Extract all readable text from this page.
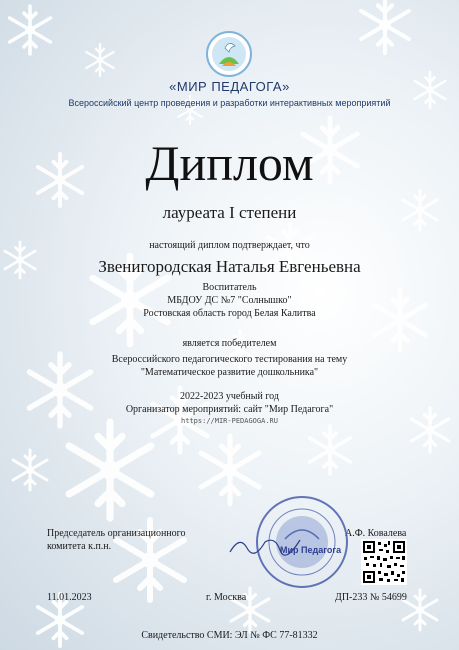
«МИР ПЕДАГОГА»
Всероссийский центр проведения и разработки интерактивных мероприятий
Диплом
лауреата I степени
настоящий диплом подтверждает, что
Звенигородская Наталья Евгеньевна
Воспитатель
МБДОУ ДС №7 "Солнышко"
Ростовская область город Белая Калитва
является победителем
Всероссийского педагогического тестирования на тему
"Математическое развитие дошкольника"
2022-2023 учебный год
Организатор мероприятий: сайт "Мир Педагога"
https://MIR-PEDAGOGA.RU
Председатель организационного
комитета к.п.н.
А.Ф. Ковалева
Мир Педагога
11.01.2023	г. Москва	ДП-233 № 54699
Свидетельство СМИ: ЭЛ № ФС 77-81332
